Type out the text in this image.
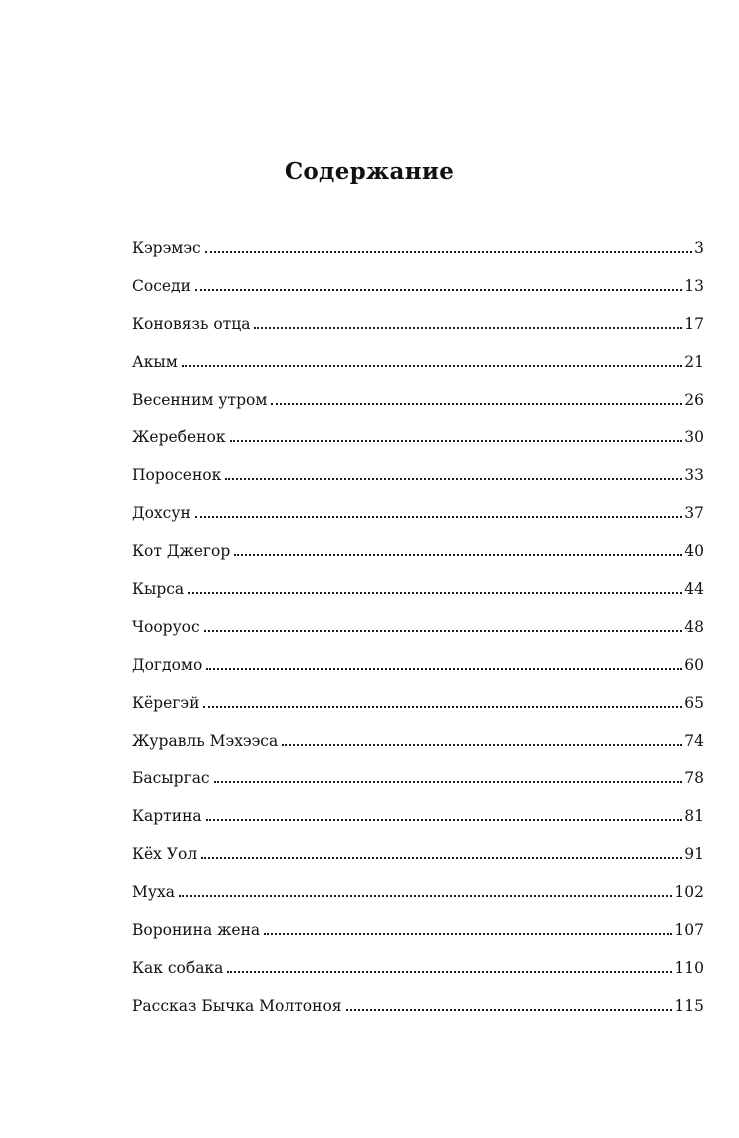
Содержание
Кэрэмэс	3
Соседи	13
Коновязь отца	17
Акым	21
Весенним утром	26
Жеребенок	30
Поросенок	33
Дохсун	37
Кот Джегор	40
Кырса	44
Чооруос	48
Догдомо	60
Кёрегэй	65
Журавль Мэхээса	74
Басыргас	78
Картина	81
Кёх Уол	91
Муха	102
Воронина жена	107
Как собака	110
Рассказ Бычка Молтоноя	115
